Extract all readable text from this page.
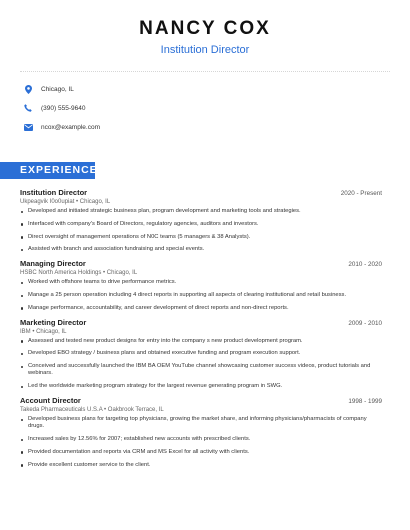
NANCY COX
Institution Director
Chicago, IL
(390) 555-9640
ncox@example.com
EXPERIENCE
Institution Director	2020 - Present
Ukpeagvik I0o0upiat • Chicago, IL
Developed and initiated strategic business plan, program development and marketing tools and strategies.
Interfaced with company's Board of Directors, regulatory agencies, auditors and investors.
Direct oversight of management operations of N0C teams (5 managers & 38 Analysts).
Assisted with branch and association fundraising and special events.
Managing Director	2010 - 2020
HSBC North America Holdings • Chicago, IL
Worked with offshore teams to drive performance metrics.
Manage a 25 person operation including 4 direct reports in supporting all aspects of clearing institutional and retail business.
Manage performance, accountability, and career development of direct reports and non-direct reports.
Marketing Director	2009 - 2010
IBM • Chicago, IL
Assessed and tested new product designs for entry into the company s new product development program.
Developed EBO strategy / business plans and obtained executive funding and program execution support.
Conceived and successfully launched the IBM BA OEM YouTube channel showcasing customer success videos, product tutorials and webinars.
Led the worldwide marketing program strategy for the largest revenue generating program in SWG.
Account Director	1998 - 1999
Takeda Pharmaceuticals U.S.A • Oakbrook Terrace, IL
Developed business plans for targeting top physicians, growing the market share, and informing physicians/pharmacists of company drugs.
Increased sales by 12.56% for 2007; established new accounts with prescribed clients.
Provided documentation and reports via CRM and MS Excel for all activity with clients.
Provide excellent customer service to the client.
